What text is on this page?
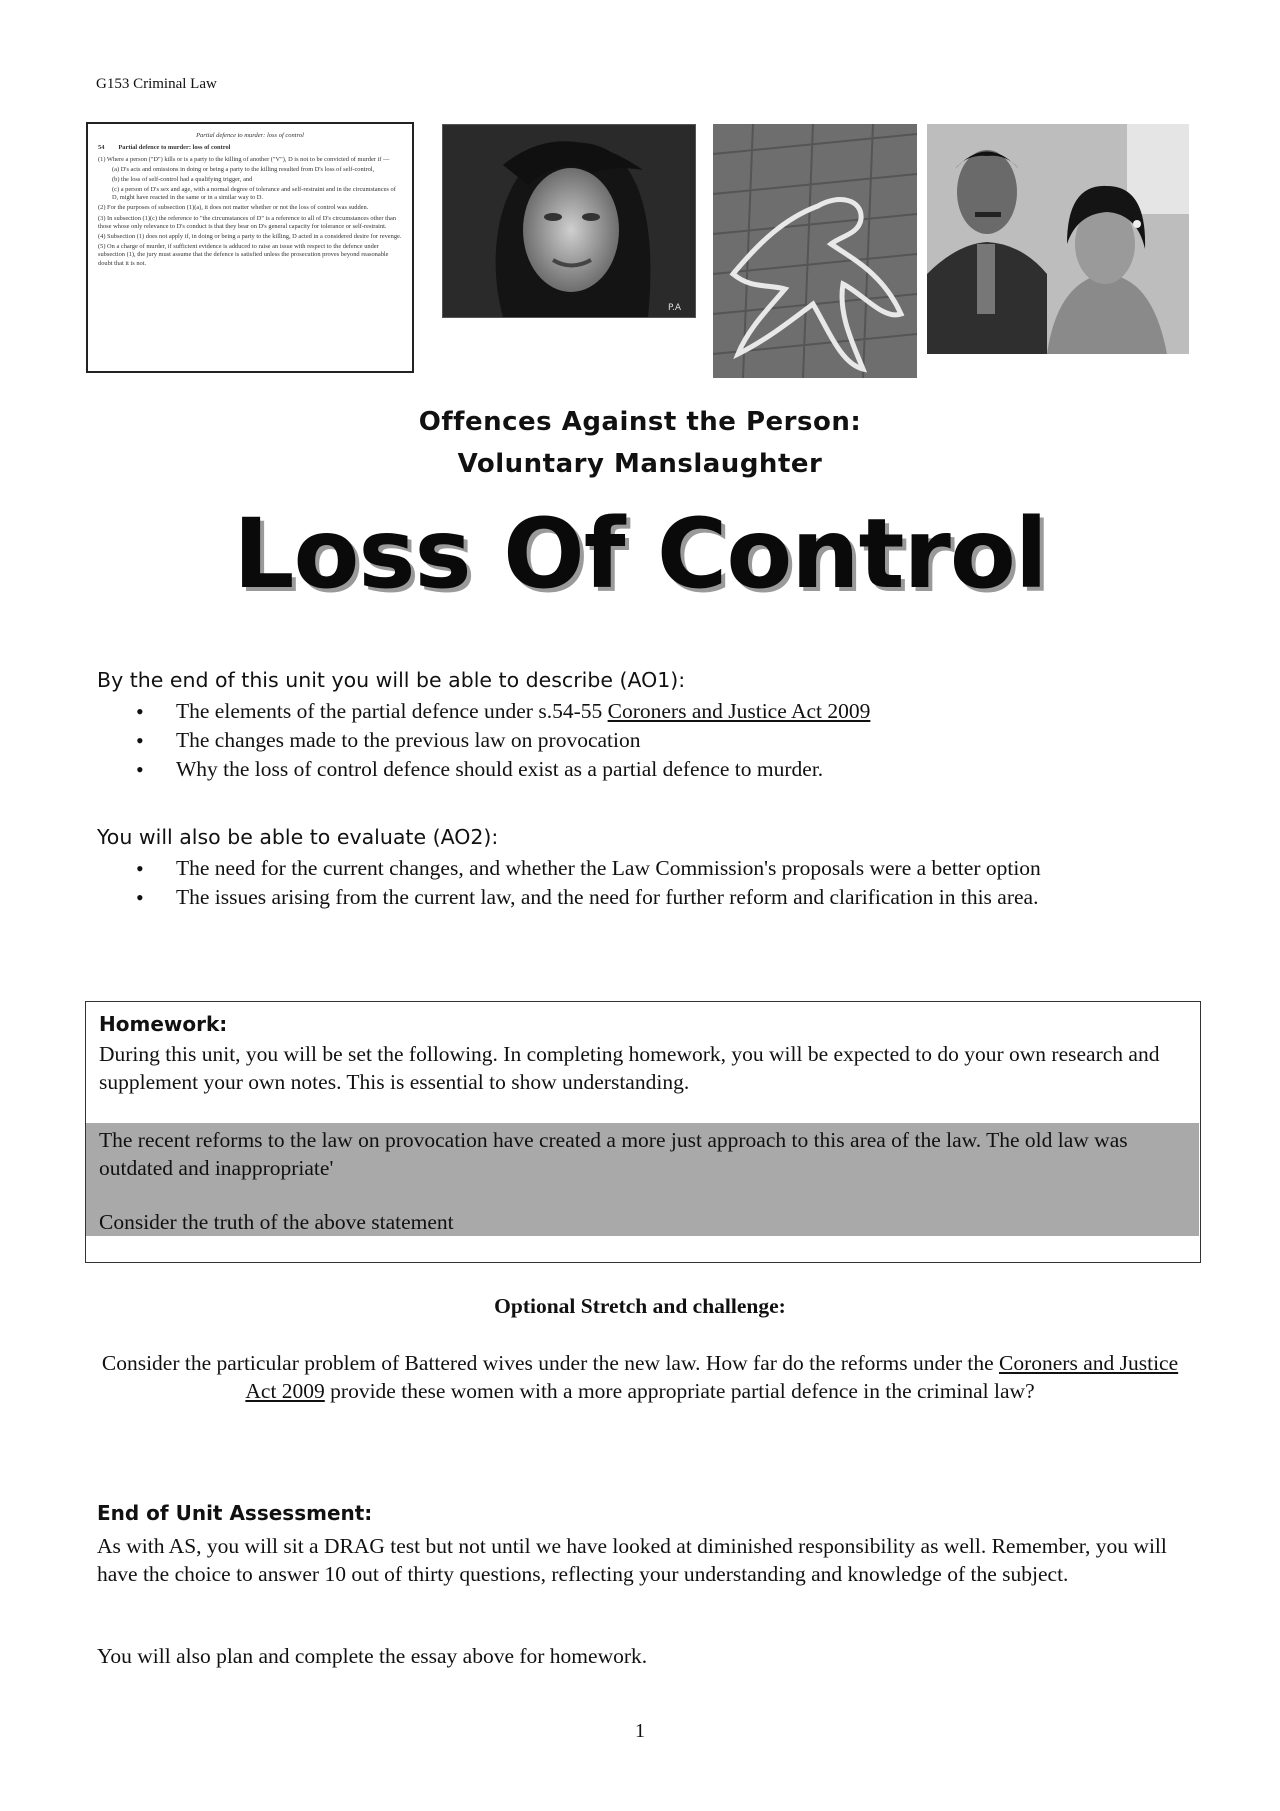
G153 Criminal Law
Partial defence to murder: loss of control
54 Partial defence to murder: loss of control
(1) Where a person ("D") kills or is a party to the killing of another ("V"), D is not to be convicted of murder if —
(a) D's acts and omissions in doing or being a party to the killing resulted from D's loss of self-control,
(b) the loss of self-control had a qualifying trigger, and
(c) a person of D's sex and age, with a normal degree of tolerance and self-restraint and in the circumstances of D, might have reacted in the same or in a similar way to D.
(2) For the purposes of subsection (1)(a), it does not matter whether or not the loss of control was sudden.
(3) In subsection (1)(c) the reference to "the circumstances of D" is a reference to all of D's circumstances other than those whose only relevance to D's conduct is that they bear on D's general capacity for tolerance or self-restraint.
(4) Subsection (1) does not apply if, in doing or being a party to the killing, D acted in a considered desire for revenge.
(5) On a charge of murder, if sufficient evidence is adduced to raise an issue with respect to the defence under subsection (1), the jury must assume that the defence is satisfied unless the prosecution proves beyond reasonable doubt that it is not.
P.A
Offences Against the Person:
Voluntary Manslaughter
Loss Of Control
By the end of this unit you will be able to describe (AO1):
• The elements of the partial defence under s.54-55 Coroners and Justice Act 2009
• The changes made to the previous law on provocation
• Why the loss of control defence should exist as a partial defence to murder.
You will also be able to evaluate (AO2):
• The need for the current changes, and whether the Law Commission's proposals were a better option
• The issues arising from the current law, and the need for further reform and clarification in this area.
Homework:
During this unit, you will be set the following. In completing homework, you will be expected to do your own research and supplement your own notes. This is essential to show understanding.
The recent reforms to the law on provocation have created a more just approach to this area of the law. The old law was outdated and inappropriate'
Consider the truth of the above statement
Optional Stretch and challenge:
Consider the particular problem of Battered wives under the new law. How far do the reforms under the Coroners and Justice Act 2009 provide these women with a more appropriate partial defence in the criminal law?
End of Unit Assessment:
As with AS, you will sit a DRAG test but not until we have looked at diminished responsibility as well. Remember, you will have the choice to answer 10 out of thirty questions, reflecting your understanding and knowledge of the subject.
You will also plan and complete the essay above for homework.
1
